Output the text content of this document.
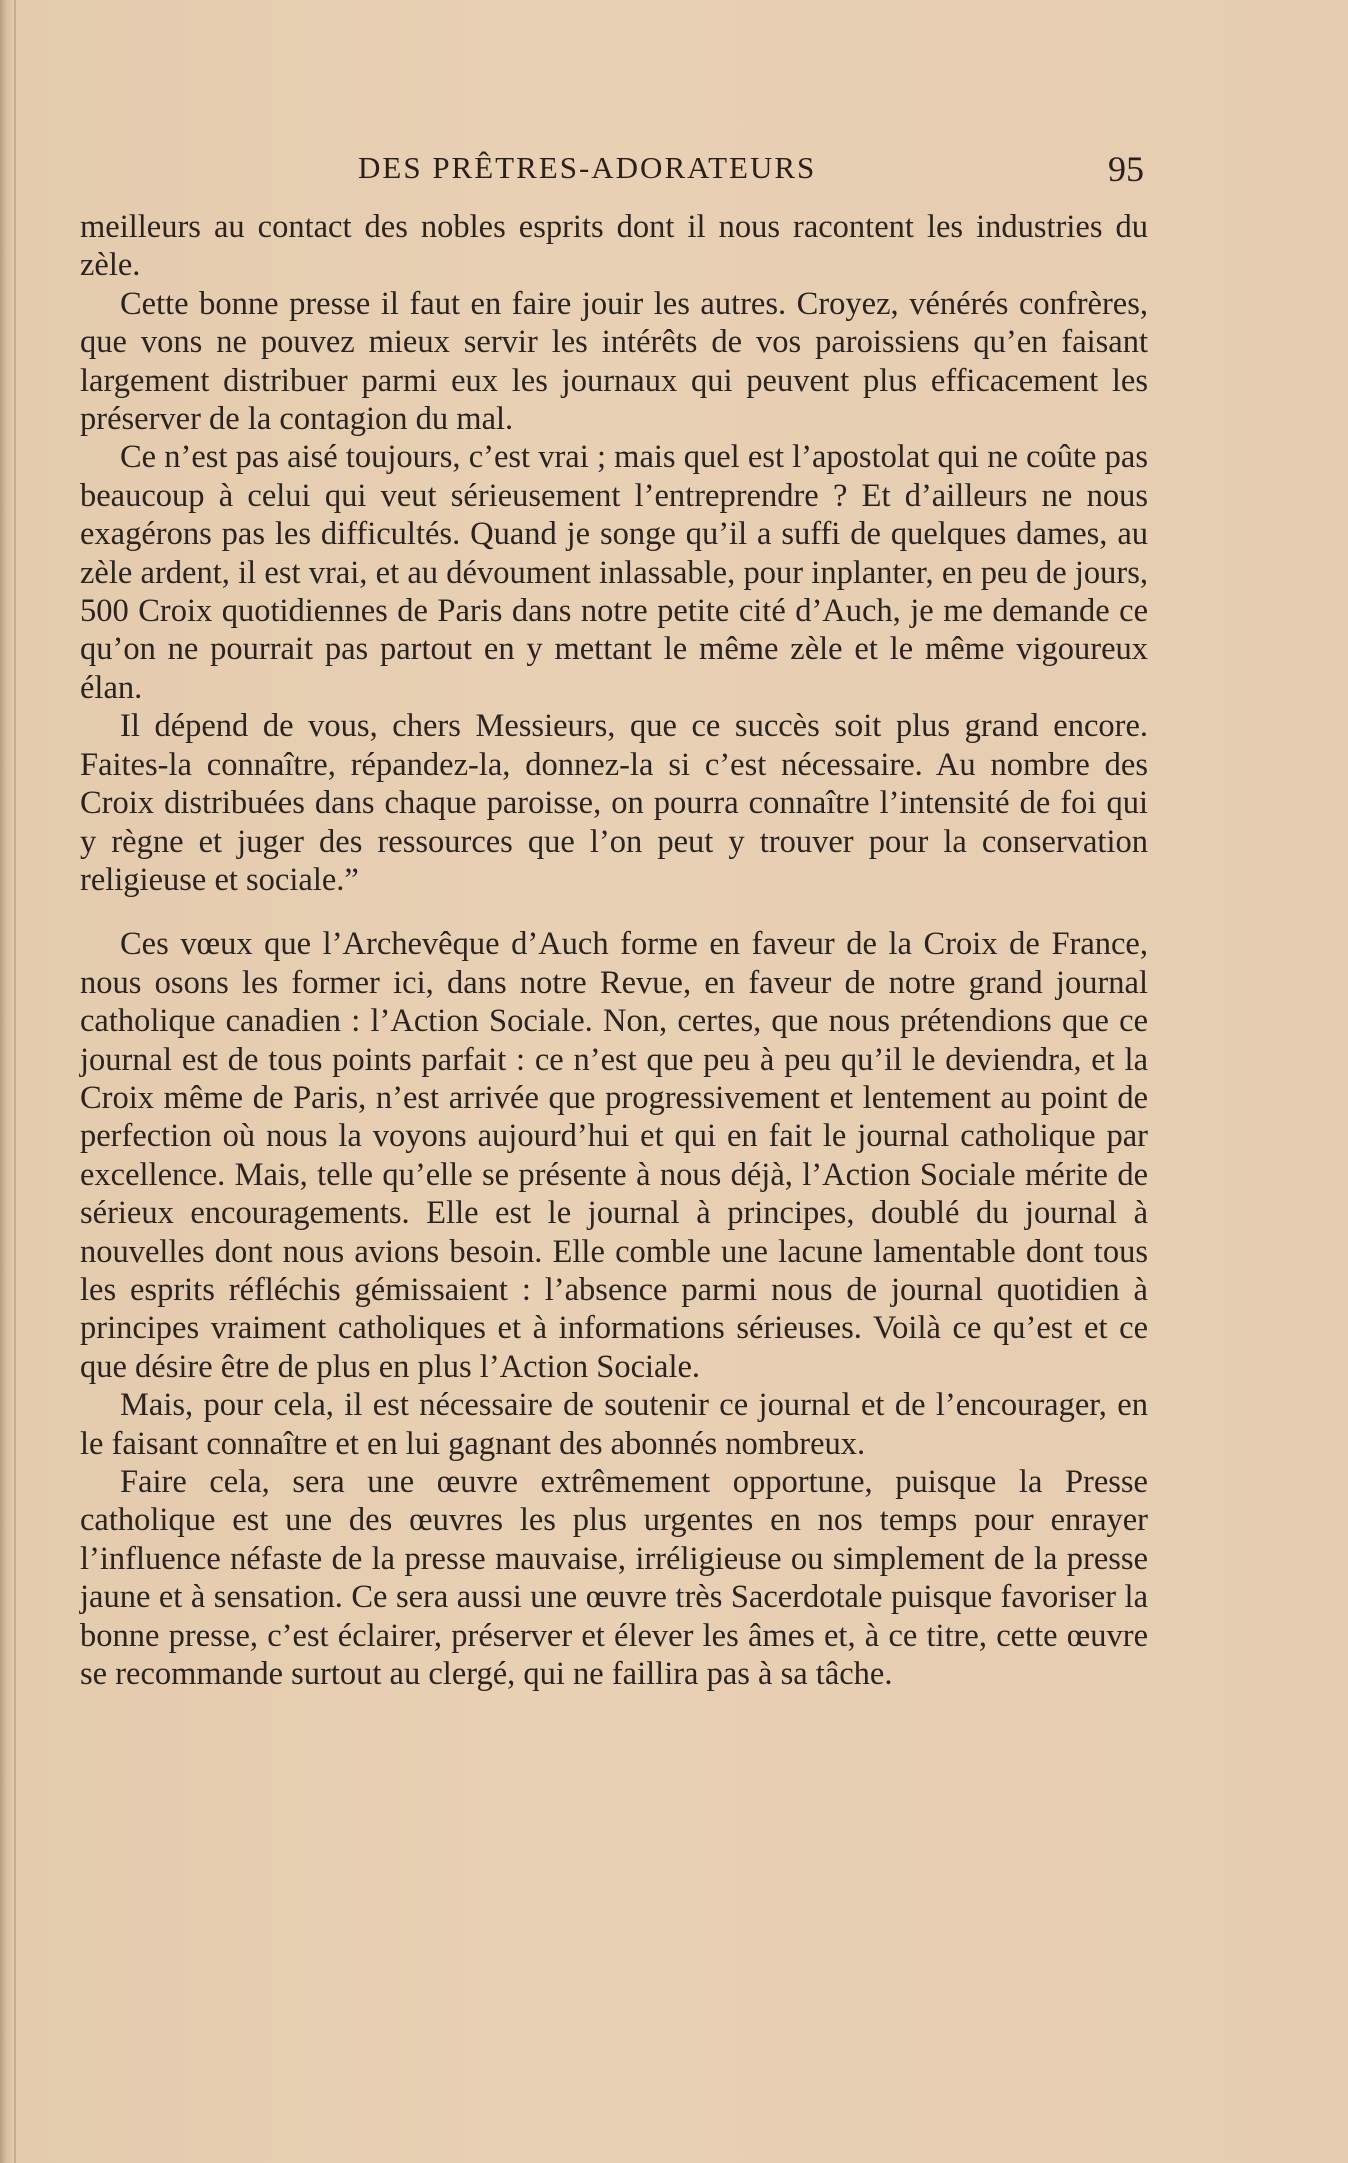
DES PRÊTRES-ADORATEURS	95

meilleurs au contact des nobles esprits dont il nous racontent les industries du zèle.

Cette bonne presse il faut en faire jouir les autres. Croyez, vénérés confrères, que vons ne pouvez mieux servir les intérêts de vos paroissiens qu’en faisant largement distribuer parmi eux les journaux qui peuvent plus efficacement les préserver de la contagion du mal.

Ce n’est pas aisé toujours, c’est vrai ; mais quel est l’apostolat qui ne coûte pas beaucoup à celui qui veut sérieusement l’entreprendre ? Et d’ailleurs ne nous exagérons pas les difficultés. Quand je songe qu’il a suffi de quelques dames, au zèle ardent, il est vrai, et au dévoument inlassable, pour inplanter, en peu de jours, 500 Croix quotidiennes de Paris dans notre petite cité d’Auch, je me demande ce qu’on ne pourrait pas partout en y mettant le même zèle et le même vigoureux élan.

Il dépend de vous, chers Messieurs, que ce succès soit plus grand encore. Faites-la connaître, répandez-la, donnez-la si c’est nécessaire. Au nombre des Croix distribuées dans chaque paroisse, on pourra connaître l’intensité de foi qui y règne et juger des ressources que l’on peut y trouver pour la conservation religieuse et sociale.”

Ces vœux que l’Archevêque d’Auch forme en faveur de la Croix de France, nous osons les former ici, dans notre Revue, en faveur de notre grand journal catholique canadien : l’Action Sociale. Non, certes, que nous prétendions que ce journal est de tous points parfait : ce n’est que peu à peu qu’il le deviendra, et la Croix même de Paris, n’est arrivée que progressivement et lentement au point de perfection où nous la voyons aujourd’hui et qui en fait le journal catholique par excellence. Mais, telle qu’elle se présente à nous déjà, l’Action Sociale mérite de sérieux encouragements. Elle est le journal à principes, doublé du journal à nouvelles dont nous avions besoin. Elle comble une lacune lamentable dont tous les esprits réfléchis gémissaient : l’absence parmi nous de journal quotidien à principes vraiment catholiques et à informations sérieuses. Voilà ce qu’est et ce que désire être de plus en plus l’Action Sociale.

Mais, pour cela, il est nécessaire de soutenir ce journal et de l’encourager, en le faisant connaître et en lui gagnant des abonnés nombreux.

Faire cela, sera une œuvre extrêmement opportune, puisque la Presse catholique est une des œuvres les plus urgentes en nos temps pour enrayer l’influence néfaste de la presse mauvaise, irréligieuse ou simplement de la presse jaune et à sensation. Ce sera aussi une œuvre très Sacerdotale puisque favoriser la bonne presse, c’est éclairer, préserver et élever les âmes et, à ce titre, cette œuvre se recommande surtout au clergé, qui ne faillira pas à sa tâche.
